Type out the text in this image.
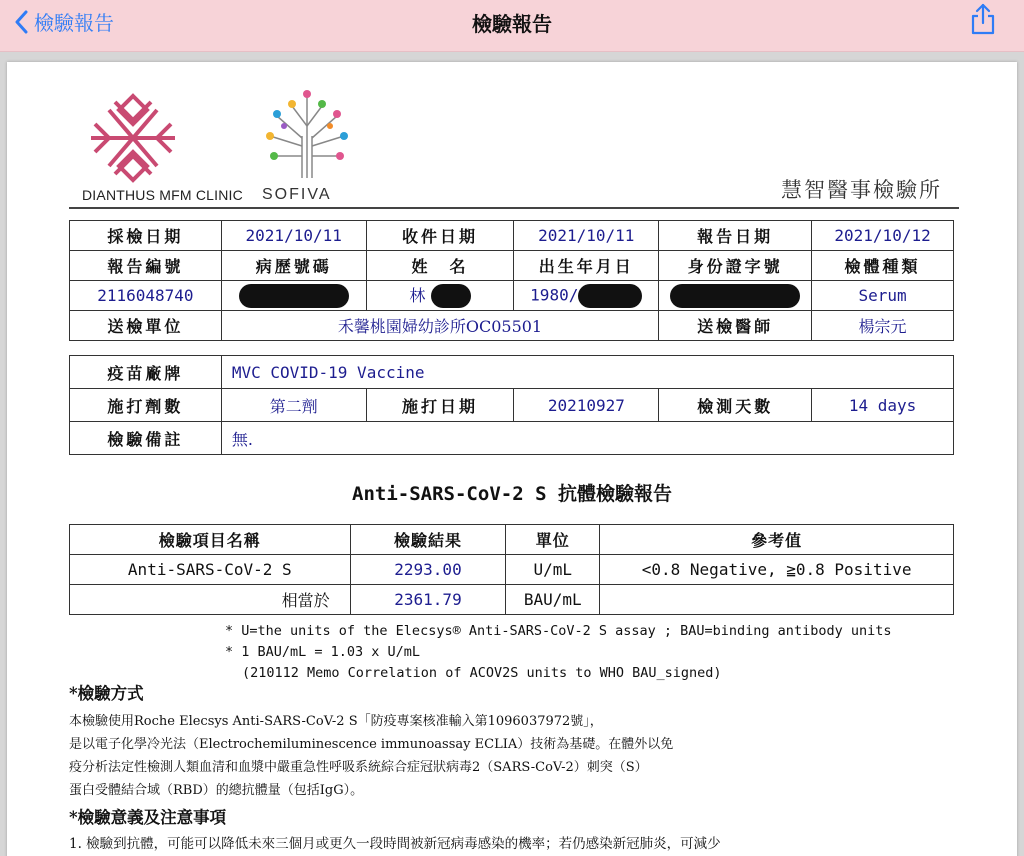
檢驗報告	檢驗報告
DIANTHUS MFM CLINIC SOFIVA	慧智醫事檢驗所
採檢日期	2021/10/11	收件日期	2021/10/11	報告日期	2021/10/12
報告編號	病歷號碼	姓　名	出生年月日	身份證字號	檢體種類
2116048740		林	1980/		Serum
送檢單位	禾馨桃園婦幼診所OC05501			送檢醫師	楊宗元
疫苗廠牌	MVC COVID-19 Vaccine				
施打劑數	第二劑	施打日期	20210927	檢測天數	14 days
檢驗備註	無.				
Anti-SARS-CoV-2 S 抗體檢驗報告
檢驗項目名稱	檢驗結果	單位	參考值
Anti-SARS-CoV-2 S	2293.00	U/mL	<0.8 Negative, ≧0.8 Positive
相當於	2361.79	BAU/mL	
* U=the units of the Elecsys® Anti-SARS-CoV-2 S assay ; BAU=binding antibody units
* 1 BAU/mL = 1.03 x U/mL
(210112 Memo Correlation of ACOV2S units to WHO BAU_signed)
*檢驗方式
本檢驗使用Roche Elecsys Anti-SARS-CoV-2 S「防疫專案核准輸入第1096037972號」，
是以電子化學冷光法（Electrochemiluminescence immunoassay ECLIA）技術為基礎。在體外以免
疫分析法定性檢測人類血清和血漿中嚴重急性呼吸系統綜合症冠狀病毒2（SARS-CoV-2）刺突（S）
蛋白受體結合域（RBD）的總抗體量（包括IgG）。
*檢驗意義及注意事項
1. 檢驗到抗體，可能可以降低未來三個月或更久一段時間被新冠病毒感染的機率；若仍感染新冠肺炎，可減少
